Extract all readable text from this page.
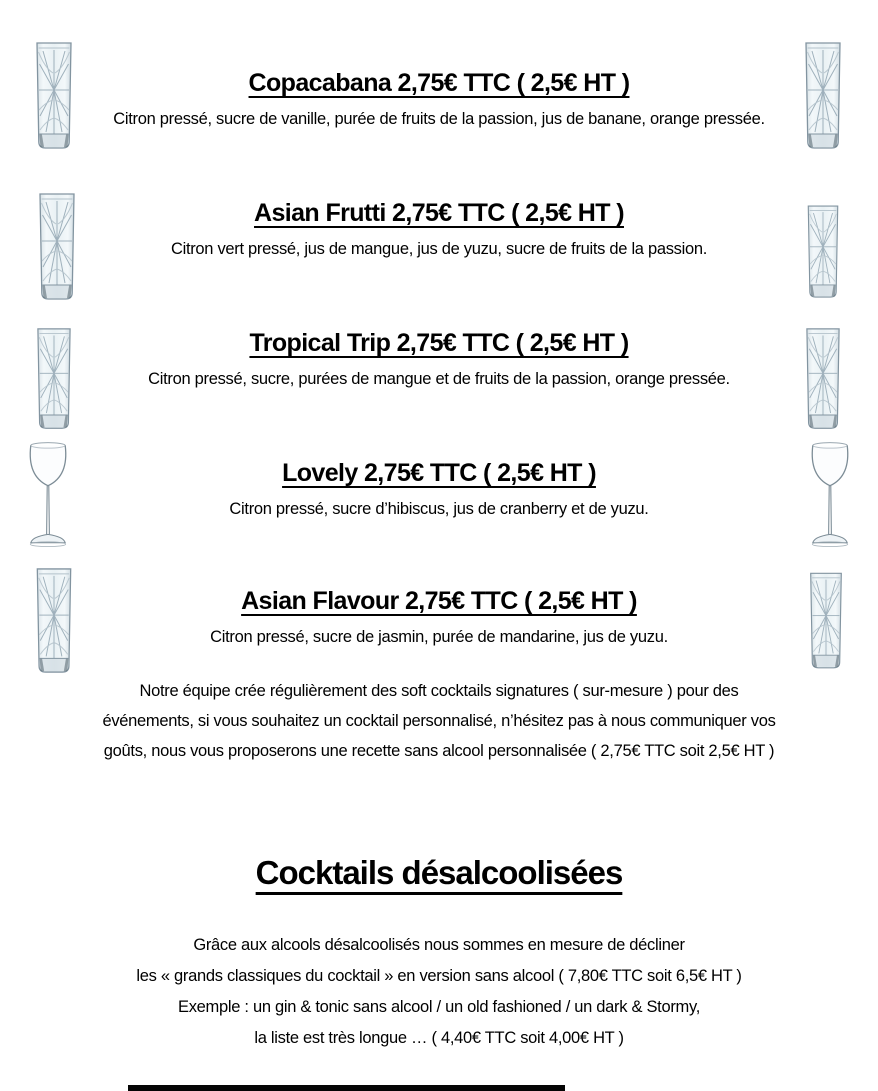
Copacabana 2,75€ TTC ( 2,5€ HT )
Citron pressé, sucre de vanille, purée de fruits de la passion, jus de banane, orange pressée.
Asian Frutti 2,75€ TTC ( 2,5€ HT )
Citron vert pressé, jus de mangue, jus de yuzu, sucre de fruits de la passion.
Tropical Trip 2,75€ TTC ( 2,5€ HT )
Citron pressé, sucre, purées de mangue et de fruits de la passion, orange pressée.
Lovely 2,75€ TTC ( 2,5€ HT )
Citron pressé, sucre d’hibiscus, jus de cranberry et de yuzu.
Asian Flavour 2,75€ TTC ( 2,5€ HT )
Citron pressé, sucre de jasmin, purée de mandarine, jus de yuzu.
Notre équipe crée régulièrement des soft cocktails signatures ( sur-mesure ) pour des
événements, si vous souhaitez un cocktail personnalisé, n’hésitez pas à nous communiquer vos
goûts, nous vous proposerons une recette sans alcool personnalisée ( 2,75€ TTC soit 2,5€ HT )
Cocktails désalcoolisées
Grâce aux alcools désalcoolisés nous sommes en mesure de décliner
les « grands classiques du cocktail » en version sans alcool ( 7,80€ TTC soit 6,5€ HT )
Exemple : un gin & tonic sans alcool / un old fashioned / un dark & Stormy,
la liste est très longue … ( 4,40€ TTC soit 4,00€ HT )
